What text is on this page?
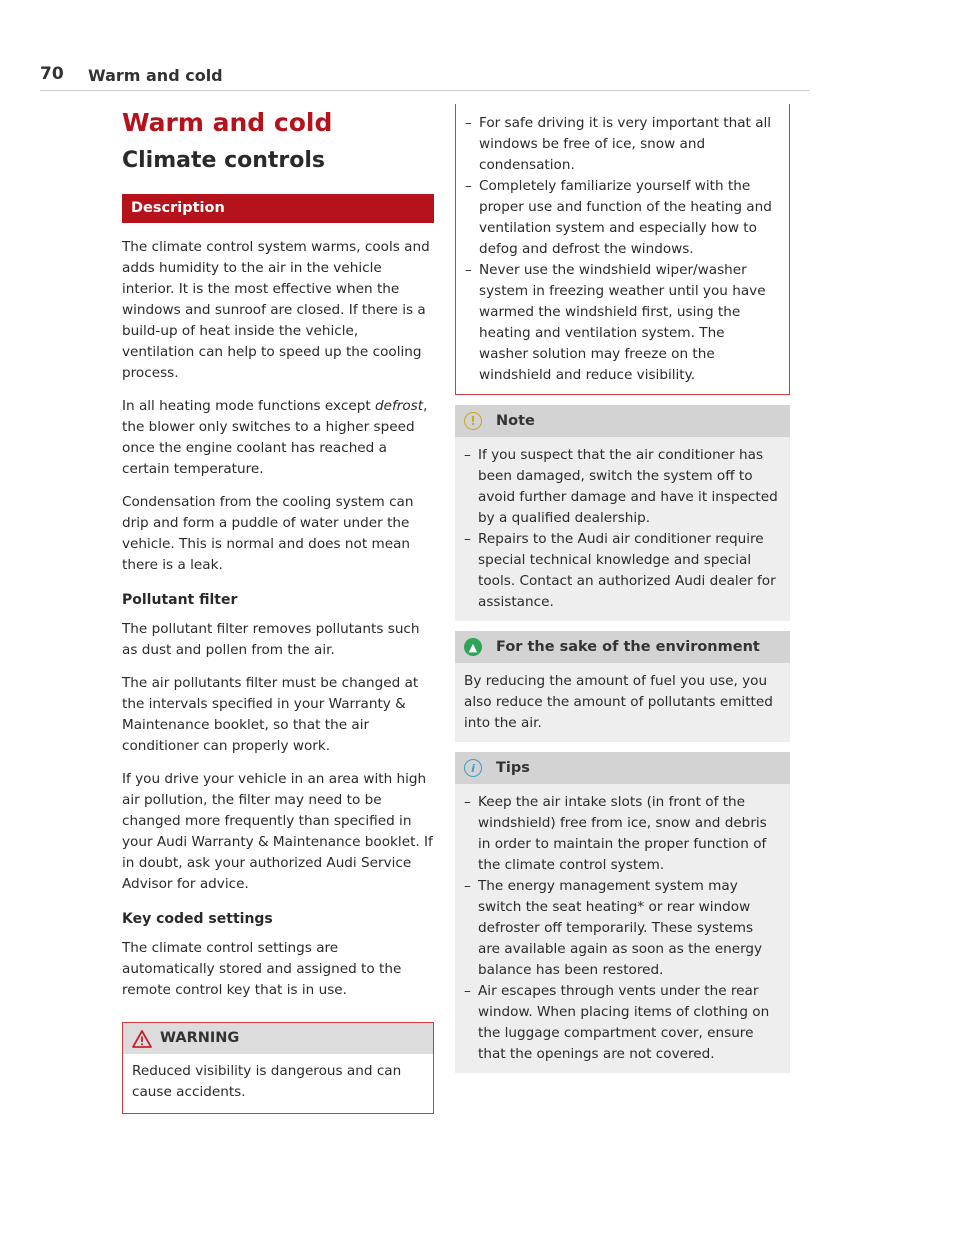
70 Warm and cold
Warm and cold
Climate controls
Description

The climate control system warms, cools and adds humidity to the air in the vehicle interior. It is the most effective when the windows and sunroof are closed. If there is a build-up of heat inside the vehicle, ventilation can help to speed up the cooling process.

In all heating mode functions except defrost, the blower only switches to a higher speed once the engine coolant has reached a certain temperature.

Condensation from the cooling system can drip and form a puddle of water under the vehicle. This is normal and does not mean there is a leak.

Pollutant filter

The pollutant filter removes pollutants such as dust and pollen from the air.

The air pollutants filter must be changed at the intervals specified in your Warranty & Maintenance booklet, so that the air conditioner can properly work.

If you drive your vehicle in an area with high air pollution, the filter may need to be changed more frequently than specified in your Audi Warranty & Maintenance booklet. If in doubt, ask your authorized Audi Service Advisor for advice.

Key coded settings

The climate control settings are automatically stored and assigned to the remote control key that is in use.

WARNING
Reduced visibility is dangerous and can cause accidents.
– For safe driving it is very important that all windows be free of ice, snow and condensation.
– Completely familiarize yourself with the proper use and function of the heating and ventilation system and especially how to defog and defrost the windows.
– Never use the windshield wiper/washer system in freezing weather until you have warmed the windshield first, using the heating and ventilation system. The washer solution may freeze on the windshield and reduce visibility.
!	Note
– If you suspect that the air conditioner has been damaged, switch the system off to avoid further damage and have it inspected by a qualified dealership.
– Repairs to the Audi air conditioner require special technical knowledge and special tools. Contact an authorized Audi dealer for assistance.
▲	For the sake of the environment
By reducing the amount of fuel you use, you also reduce the amount of pollutants emitted into the air.
i	Tips
– Keep the air intake slots (in front of the windshield) free from ice, snow and debris in order to maintain the proper function of the climate control system.
– The energy management system may switch the seat heating* or rear window defroster off temporarily. These systems are available again as soon as the energy balance has been restored.
– Air escapes through vents under the rear window. When placing items of clothing on the luggage compartment cover, ensure that the openings are not covered.
